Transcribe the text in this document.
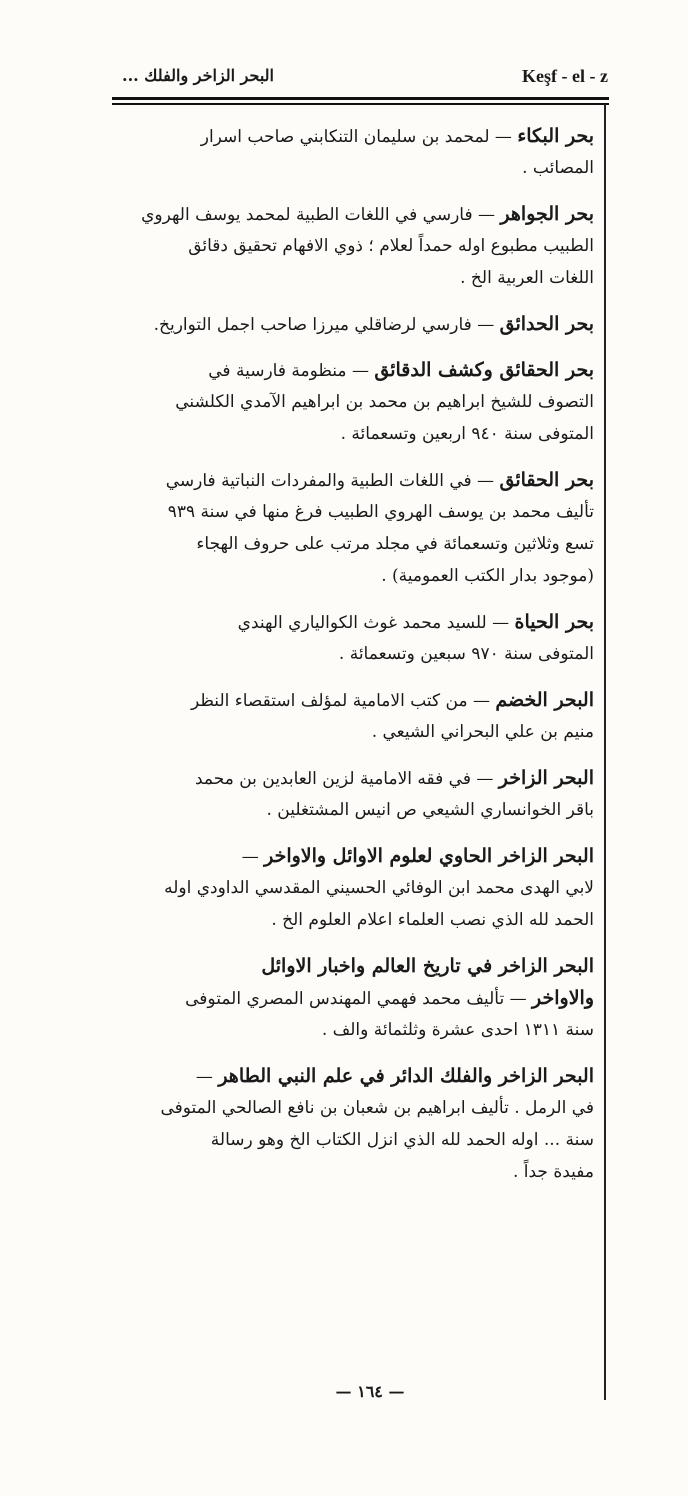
البحر الزاخر والفلك ...	Keşf - el - z
بحر البكاء — لمحمد بن سليمان التنكابني صاحب اسرار
المصائب .
بحر الجواهر — فارسي في اللغات الطبية لمحمد يوسف الهروي
الطبيب مطبوع اوله حمداً لعلام ؛ ذوي الافهام تحقيق دقائق
اللغات العربية الخ .
بحر الحدائق — فارسي لرضاقلي ميرزا صاحب اجمل التواريخ.
بحر الحقائق وكشف الدقائق — منظومة فارسية في
التصوف للشيخ ابراهيم بن محمد بن ابراهيم الآمدي الكلشني
المتوفى سنة ٩٤٠ اربعين وتسعمائة .
بحر الحقائق — في اللغات الطبية والمفردات النباتية فارسي
تأليف محمد بن يوسف الهروي الطبيب فرغ منها في سنة ٩٣٩
تسع وثلاثين وتسعمائة في مجلد مرتب على حروف الهجاء
(موجود بدار الكتب العمومية) .
بحر الحياة — للسيد محمد غوث الكوالياري الهندي
المتوفى سنة ٩٧٠ سبعين وتسعمائة .
البحر الخضم — من كتب الامامية لمؤلف استقصاء النظر
منيم بن علي البحراني الشيعي .
البحر الزاخر — في فقه الامامية لزين العابدين بن محمد
باقر الخوانساري الشيعي ص انيس المشتغلين .
البحر الزاخر الحاوي لعلوم الاوائل والاواخر —
لابي الهدى محمد ابن الوفائي الحسيني المقدسي الداودي اوله
الحمد لله الذي نصب العلماء اعلام العلوم الخ .
البحر الزاخر في تاريخ العالم واخبار الاوائل
والاواخر — تأليف محمد فهمي المهندس المصري المتوفى
سنة ١٣١١ احدى عشرة وثلثمائة والف .
البحر الزاخر والفلك الدائر في علم النبي الطاهر —
في الرمل . تأليف ابراهيم بن شعبان بن نافع الصالحي المتوفى
سنة ... اوله الحمد لله الذي انزل الكتاب الخ وهو رسالة
مفيدة جداً .
— ١٦٤ —
